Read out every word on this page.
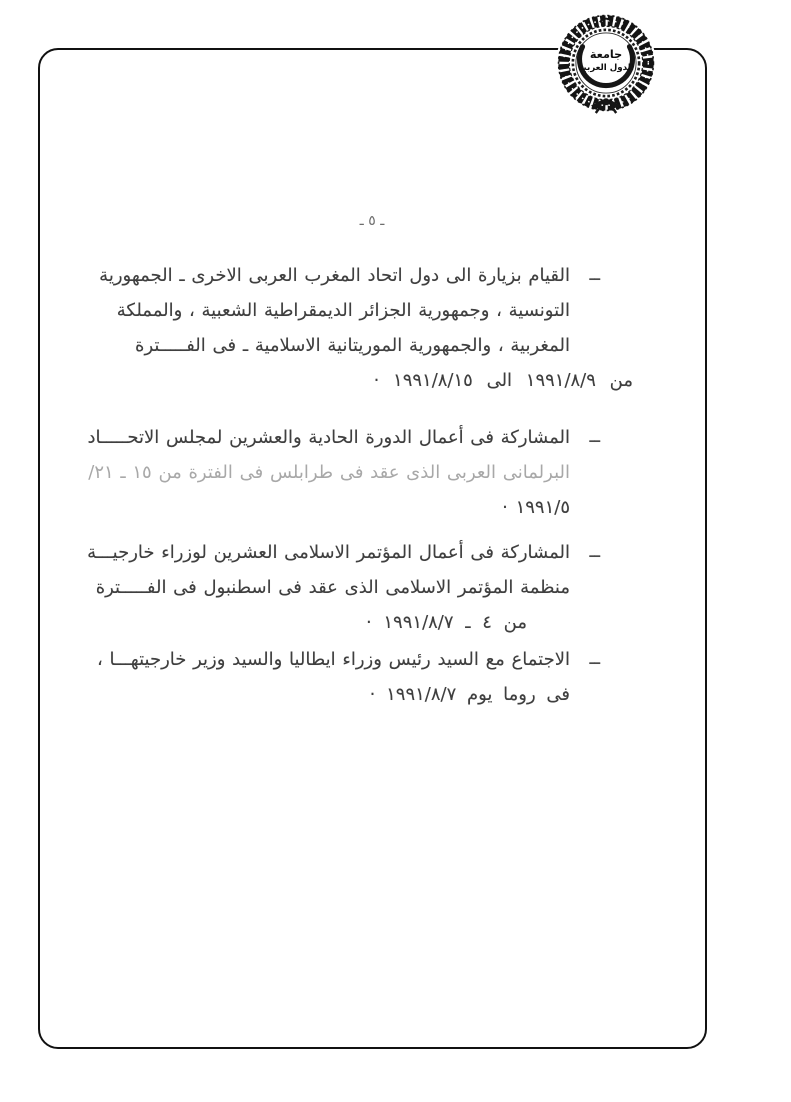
جامعة
الدول العربية
ـ ٥ ـ
ــ
القيام بزيارة الى دول اتحاد المغرب العربى الاخرى ـ الجمهورية
التونسية ، وجمهورية الجزائر الديمقراطية الشعبية ، والمملكة
المغربية ، والجمهورية الموريتانية الاسلامية ـ فى الفـــــترة
من ١٩٩١/٨/٩ الى ١٩٩١/٨/١٥ ·
ــ
المشاركة فى أعمال الدورة الحادية والعشرين لمجلس الاتحـــــاد
البرلمانى العربى الذى عقد فى طرابلس فى الفترة من ١٥ ـ ٢١/
١٩٩١/٥ ·
ــ
المشاركة فى أعمال المؤتمر الاسلامى العشرين لوزراء خارجيـــة
منظمة المؤتمر الاسلامى الذى عقد فى اسطنبول فى الفـــــترة
من ٤ ـ ١٩٩١/٨/٧ ·
ــ
الاجتماع مع السيد رئيس وزراء ايطاليا والسيد وزير خارجيتهـــا ،
فى روما يوم ١٩٩١/٨/٧ ·
